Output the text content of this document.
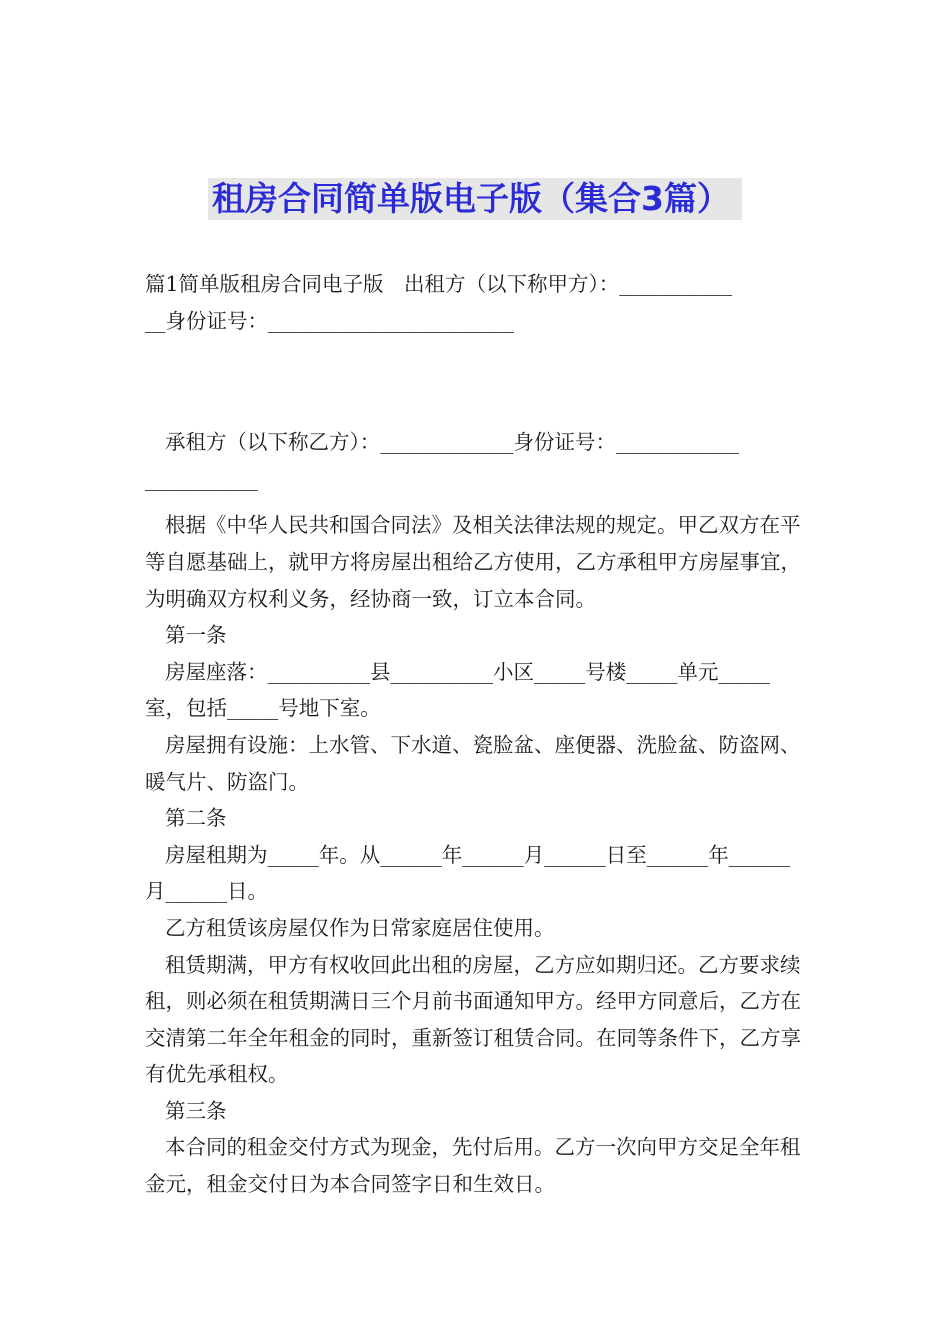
租房合同简单版电子版（集合3篇）

篇1简单版租房合同电子版　出租方（以下称甲方）：___________

__身份证号：________________________

承租方（以下称乙方）：_____________身份证号：____________

___________

根据《中华人民共和国合同法》及相关法律法规的规定。甲乙双方在平等自愿基础上，就甲方将房屋出租给乙方使用，乙方承租甲方房屋事宜，为明确双方权利义务，经协商一致，订立本合同。

第一条

房屋座落：__________县__________小区_____号楼_____单元_____室，包括_____号地下室。

房屋拥有设施：上水管、下水道、瓷脸盆、座便器、洗脸盆、防盗网、暖气片、防盗门。

第二条

房屋租期为_____年。从______年______月______日至______年______月______日。

乙方租赁该房屋仅作为日常家庭居住使用。

租赁期满，甲方有权收回此出租的房屋，乙方应如期归还。乙方要求续租，则必须在租赁期满日三个月前书面通知甲方。经甲方同意后，乙方在交清第二年全年租金的同时，重新签订租赁合同。在同等条件下，乙方享有优先承租权。

第三条

本合同的租金交付方式为现金，先付后用。乙方一次向甲方交足全年租金元，租金交付日为本合同签字日和生效日。
